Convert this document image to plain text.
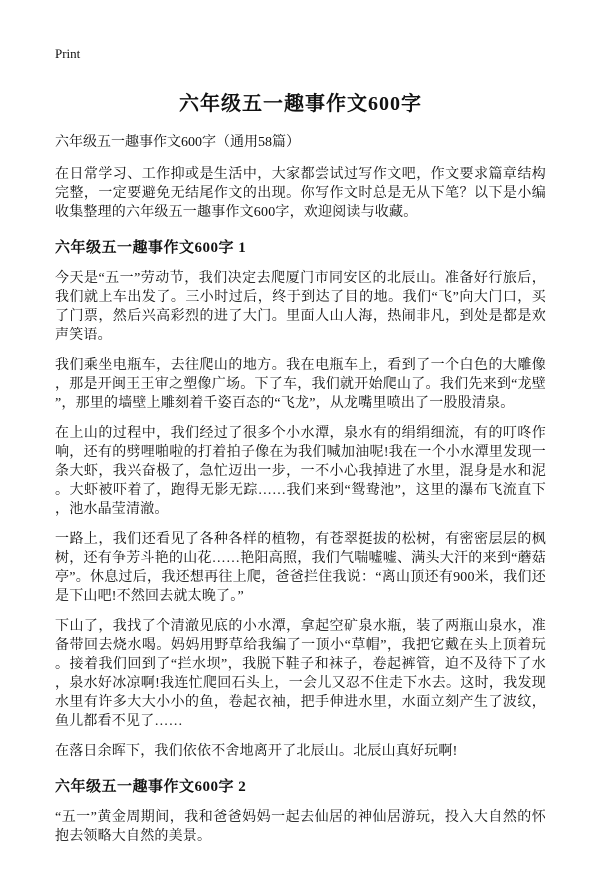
Print
六年级五一趣事作文600字

六年级五一趣事作文600字（通用58篇）

在日常学习、工作抑或是生活中，大家都尝试过写作文吧，作文要求篇章结构完整，一定要避免无结尾作文的出现。你写作文时总是无从下笔？以下是小编收集整理的六年级五一趣事作文600字，欢迎阅读与收藏。

六年级五一趣事作文600字 1

今天是“五一”劳动节，我们决定去爬厦门市同安区的北辰山。准备好行旅后，我们就上车出发了。三小时过后，终于到达了目的地。我们“飞”向大门口，买了门票，然后兴高彩烈的进了大门。里面人山人海，热闹非凡，到处是都是欢声笑语。

我们乘坐电瓶车，去往爬山的地方。我在电瓶车上，看到了一个白色的大雕像，那是开闽王王审之塑像广场。下了车，我们就开始爬山了。我们先来到“龙壁”，那里的墙壁上雕刻着千姿百态的“飞龙”，从龙嘴里喷出了一股股清泉。

在上山的过程中，我们经过了很多个小水潭，泉水有的绢绢细流，有的叮咚作响，还有的劈哩啪啦的打着拍子像在为我们喊加油呢!我在一个小水潭里发现一条大虾，我兴奋极了，急忙迈出一步，一不小心我掉进了水里，混身是水和泥。大虾被吓着了，跑得无影无踪……我们来到“鸳鸯池”，这里的瀑布飞流直下，池水晶莹清澈。

一路上，我们还看见了各种各样的植物，有苍翠挺拔的松树，有密密层层的枫树，还有争芳斗艳的山花……艳阳高照，我们气喘嘘嘘、满头大汗的来到“蘑菇亭”。休息过后，我还想再往上爬，爸爸拦住我说：“离山顶还有900米，我们还是下山吧!不然回去就太晚了。”

下山了，我找了个清澈见底的小水潭，拿起空矿泉水瓶，装了两瓶山泉水，准备带回去烧水喝。妈妈用野草给我编了一顶小“草帽”，我把它戴在头上顶着玩。接着我们回到了“拦水坝”，我脱下鞋子和袜子，卷起裤管，迫不及待下了水，泉水好冰凉啊!我连忙爬回石头上，一会儿又忍不住走下水去。这时，我发现水里有许多大大小小的鱼，卷起衣袖，把手伸进水里，水面立刻产生了波纹，鱼儿都看不见了……

在落日余晖下，我们依依不舍地离开了北辰山。北辰山真好玩啊!

六年级五一趣事作文600字 2

“五一”黄金周期间，我和爸爸妈妈一起去仙居的神仙居游玩，投入大自然的怀抱去领略大自然的美景。
